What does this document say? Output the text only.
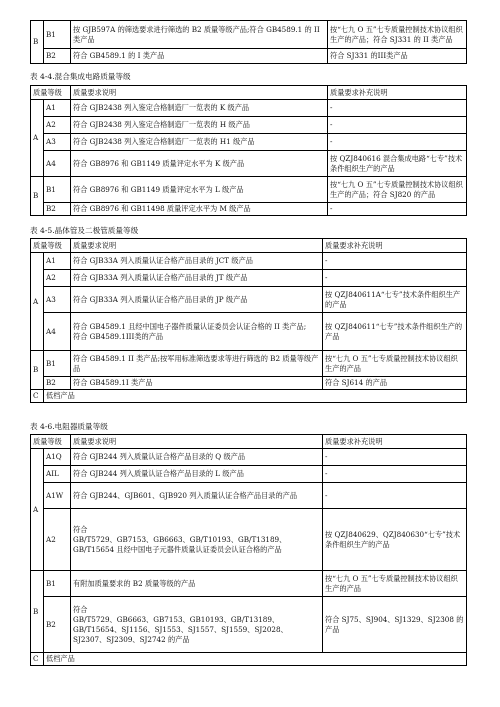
B	B1	按 GJB597A 的筛选要求进行筛选的 B2 质量等级产品;符合 GB4589.1 的 II 类产品	按“七九 O 五”七专质量控制技术协议组织生产的产品；符合 SJ331 的 II 类产品
	B2	符合 GB4589.1 的 I 类产品	符合 SJ331 的III类产品
表 4-4.混合集成电路质量等级
质量等级		质量要求说明	质量要求补充说明
A	A1	符合 GJB2438 列入鉴定合格制造厂一览表的 K 级产品	-
	A2	符合 GJB2438 列入鉴定合格制造厂一览表的 H 级产品	-
	A3	符合 GJB2438 列入鉴定合格制造厂一览表的 H1 级产品	-
	A4	符合 GB8976 和 GB1149 质量评定水平为 K 级产品	按 QZJ840616 混合集成电路“七专”技术条件组织生产的产品
B	B1	符合 GB8976 和 GB1149 质量评定水平为 L 级产品	按“七九 O 五”七专质量控制技术协议组织生产的产品；符合 SJ820 的产品
	B2	符合 GB8976 和 GB11498 质量评定水平为 M 级产品	-
表 4-5.晶体管及二极管质量等级
质量等级		质量要求说明	质量要求补充说明
A	A1	符合 GJB33A 列入质量认证合格产品目录的 JCT 级产品	-
	A2	符合 GJB33A 列入质量认证合格产品目录的 JT 级产品	-
	A3	符合 GJB33A 列入质量认证合格产品目录的 JP 级产品	按 QZJ840611A“七专”技术条件组织生产的产品
	A4	符合 GB4589.1 且经中国电子器件质量认证委员会认证合格的 II 类产品;
符合 GB4589.1III类的产品	按 QZJ840611“七专”技术条件组织生产的产品
B	B1	符合 GB4589.1 II 类产品;按军用标准筛选要求等进行筛选的 B2 质量等级产品	按“七九 O 五”七专质量控制技术协议组织生产的产品
	B2	符合 GB4589.1I 类产品	符合 SJ614 的产品
C	低档产品		
表 4-6.电阻器质量等级
质量等级		质量要求说明	质量要求补充说明
A	A1Q	符合 GJB244 列入质量认证合格产品目录的 Q 级产品	-
	AIL	符合 GJB244 列入质量认证合格产品目录的 L 级产品	-
	A1W	符合 GJB244、GJB601、GJB920 列入质量认证合格产品目录的产品	-
	A2	符合
GB/T5729、GB7153、GB6663、GB/T10193、GB/T13189、GB/T15654 且经中国电子元器件质量认证委员会认证合格的产品	按 QZJ840629、QZJ840630“七专”技术条件组织生产的产品
B	B1	有附加质量要求的 B2 质量等级的产品	按“七九 O 五”七专质量控制技术协议组织生产的产品
	B2	符合
GB/T5729、GB6663、GB7153、GB10193、GB/T13189、GB/T15654、SJ1156、SJ1553、SJ1557、SJ1559、SJ2028、SJ2307、SJ2309、SJ2742 的产品	符合 SJ75、SJ904、SJ1329、SJ2308 的产品
C	低档产品		
